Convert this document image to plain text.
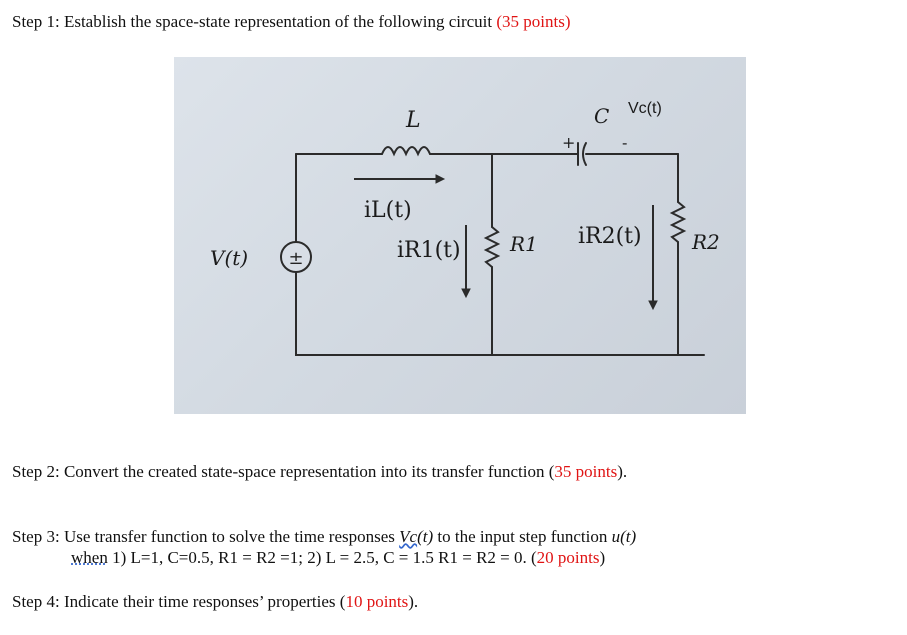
Step 1: Establish the space-state representation of the following circuit (35 points)
±
L	C Vc(t)
+	-
iL(t)
iR1(t) R1 iR2(t)	R2
V(t)
Step 2: Convert the created state-space representation into its transfer function (35 points).
Step 3: Use transfer function to solve the time responses Vc(t) to the input step function u(t)
when 1) L=1, C=0.5, R1 = R2 =1; 2) L = 2.5, C = 1.5 R1 = R2 = 0. (20 points)
Step 4: Indicate their time responses’ properties (10 points).
